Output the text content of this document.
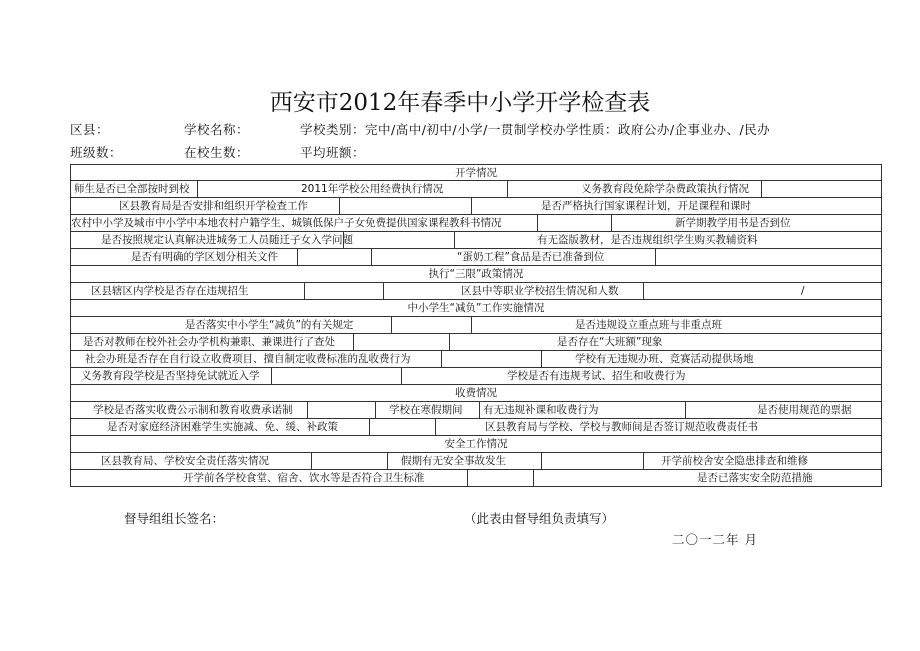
西安市2012年春季中小学开学检查表
区县：	学校名称：	学校类别：完中/高中/初中/小学/一贯制学校办学性质：政府公办/企事业办、/民办
班级数：	在校生数：	平均班额：
开学情况
师生是否已全部按时到校	2011年学校公用经费执行情况	义务教育段免除学杂费政策执行情况
区县教育局是否安排和组织开学检查工作	是否严格执行国家课程计划，开足课程和课时
农村中小学及城市中小学中本地农村户籍学生、城镇低保户子女免费提供国家课程教科书情况	新学期教学用书是否到位
是否按照规定认真解决进城务工人员随迁子女入学问题	有无盗版教材，是否违规组织学生购买教辅资料
是否有明确的学区划分相关文件	“蛋奶工程”食品是否已准备到位
执行“三限”政策情况
区县辖区内学校是否存在违规招生	区县中等职业学校招生情况和人数	/
中小学生“减负”工作实施情况
是否落实中小学生“减负”的有关规定	是否违规设立重点班与非重点班
是否对教师在校外社会办学机构兼职、兼课进行了查处	是否存在“大班额”现象
社会办班是否存在自行设立收费项目、擅自制定收费标准的乱收费行为	学校有无违规办班、竞赛活动提供场地
义务教育段学校是否坚持免试就近入学	学校是否有违规考试、招生和收费行为
收费情况
学校是否落实收费公示制和教育收费承诺制	学校在寒假期间 有无违规补课和收费行为	是否使用规范的票据
是否对家庭经济困难学生实施减、免、缓、补政策	区县教育局与学校、学校与教师间是否签订规范收费责任书
安全工作情况
区县教育局、学校安全责任落实情况	假期有无安全事故发生	开学前校舍安全隐患排查和维修
开学前各学校食堂、宿舍、饮水等是否符合卫生标准	是否已落实安全防范措施
督导组组长签名：	（此表由督导组负责填写）
二〇一二年 月
